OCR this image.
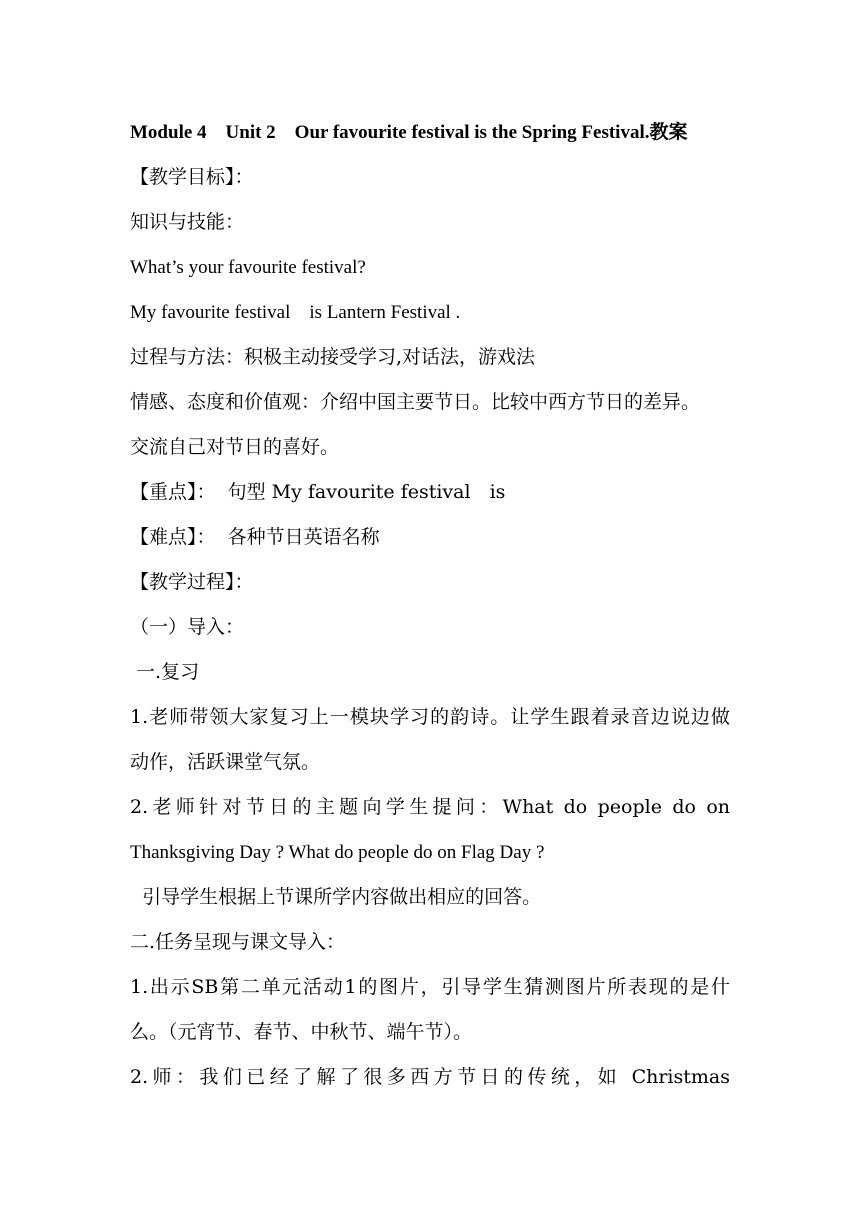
Module 4　Unit 2　Our favourite festival is the Spring Festival.教案
【教学目标】：
知识与技能：
What’s your favourite festival?
My favourite festival　is Lantern Festival .
过程与方法：积极主动接受学习,对话法，游戏法
情感、态度和价值观：介绍中国主要节日。比较中西方节日的差异。
交流自己对节日的喜好。
【重点】：  句型 My favourite festival　is
【难点】：  各种节日英语名称
【教学过程】：
（一）导入：
一.复习
1.老师带领大家复习上一模块学习的韵诗。让学生跟着录音边说边做
动作，活跃课堂气氛。
2.老师针对节日的主题向学生提问：What do people do on
Thanksgiving Day ? What do people do on Flag Day ?
引导学生根据上节课所学内容做出相应的回答。
二.任务呈现与课文导入：
1.出示SB第二单元活动1的图片，引导学生猜测图片所表现的是什
么。（元宵节、春节、中秋节、端午节）。
2.师：我们已经了解了很多西方节日的传统，如 Christmas
